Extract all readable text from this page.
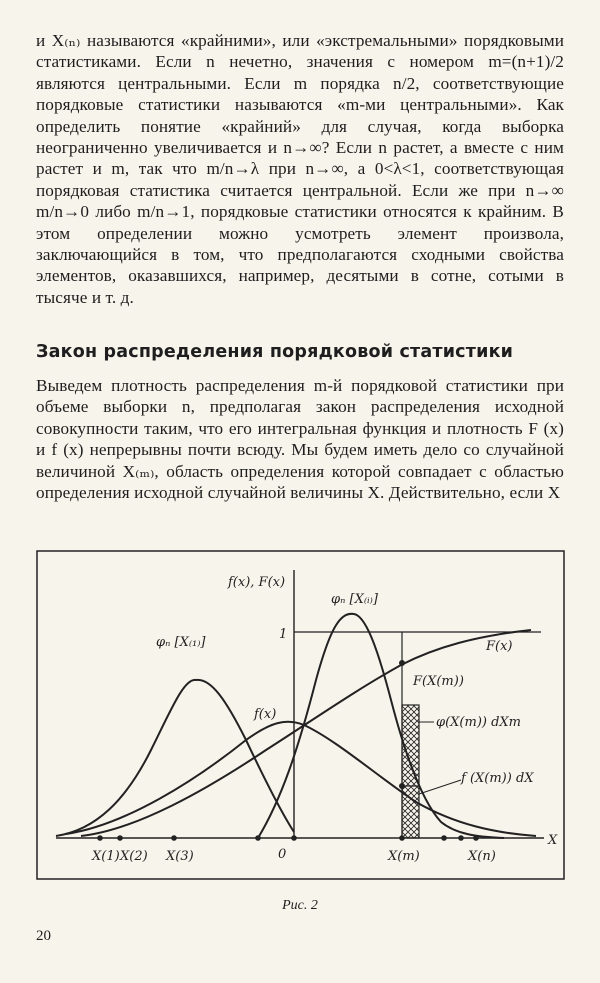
и X₍ₙ₎ называются «крайними», или «экстремальными» порядковыми статистиками. Если n нечетно, значения с номером m=(n+1)/2 являются центральными. Если m порядка n/2, соответствующие порядковые статистики называются «m-ми центральными». Как определить понятие «крайний» для случая, когда выборка неограниченно увеличивается и n→∞? Если n растет, а вместе с ним растет и m, так что m/n→λ при n→∞, а 0<λ<1, соответствующая порядковая статистика считается центральной. Если же при n→∞ m/n→0 либо m/n→1, порядковые статистики относятся к крайним. В этом определении можно усмотреть элемент произвола, заключающийся в том, что предполагаются сходными свойства элементов, оказавшихся, например, десятыми в сотне, сотыми в тысяче и т. д.

Закон распределения порядковой статистики

Выведем плотность распределения m-й порядковой статистики при объеме выборки n, предполагая закон распределения исходной совокупности таким, что его интегральная функция и плотность F (x) и f (x) непрерывны почти всюду. Мы будем иметь дело со случайной величиной X₍ₘ₎, область определения которой совпадает с областью определения исходной случайной величины X. Действительно, если X

f(x), F(x)
X
1
0
φₙ [X₍₁₎]
φₙ [X₍ᵢ₎]
f(x)
F(x)
F(X(m))
φ(X(m)) dXm
f (X(m)) dX
X(1) X(2) X(3)	X(m)	X(n)
Рис. 2
20
